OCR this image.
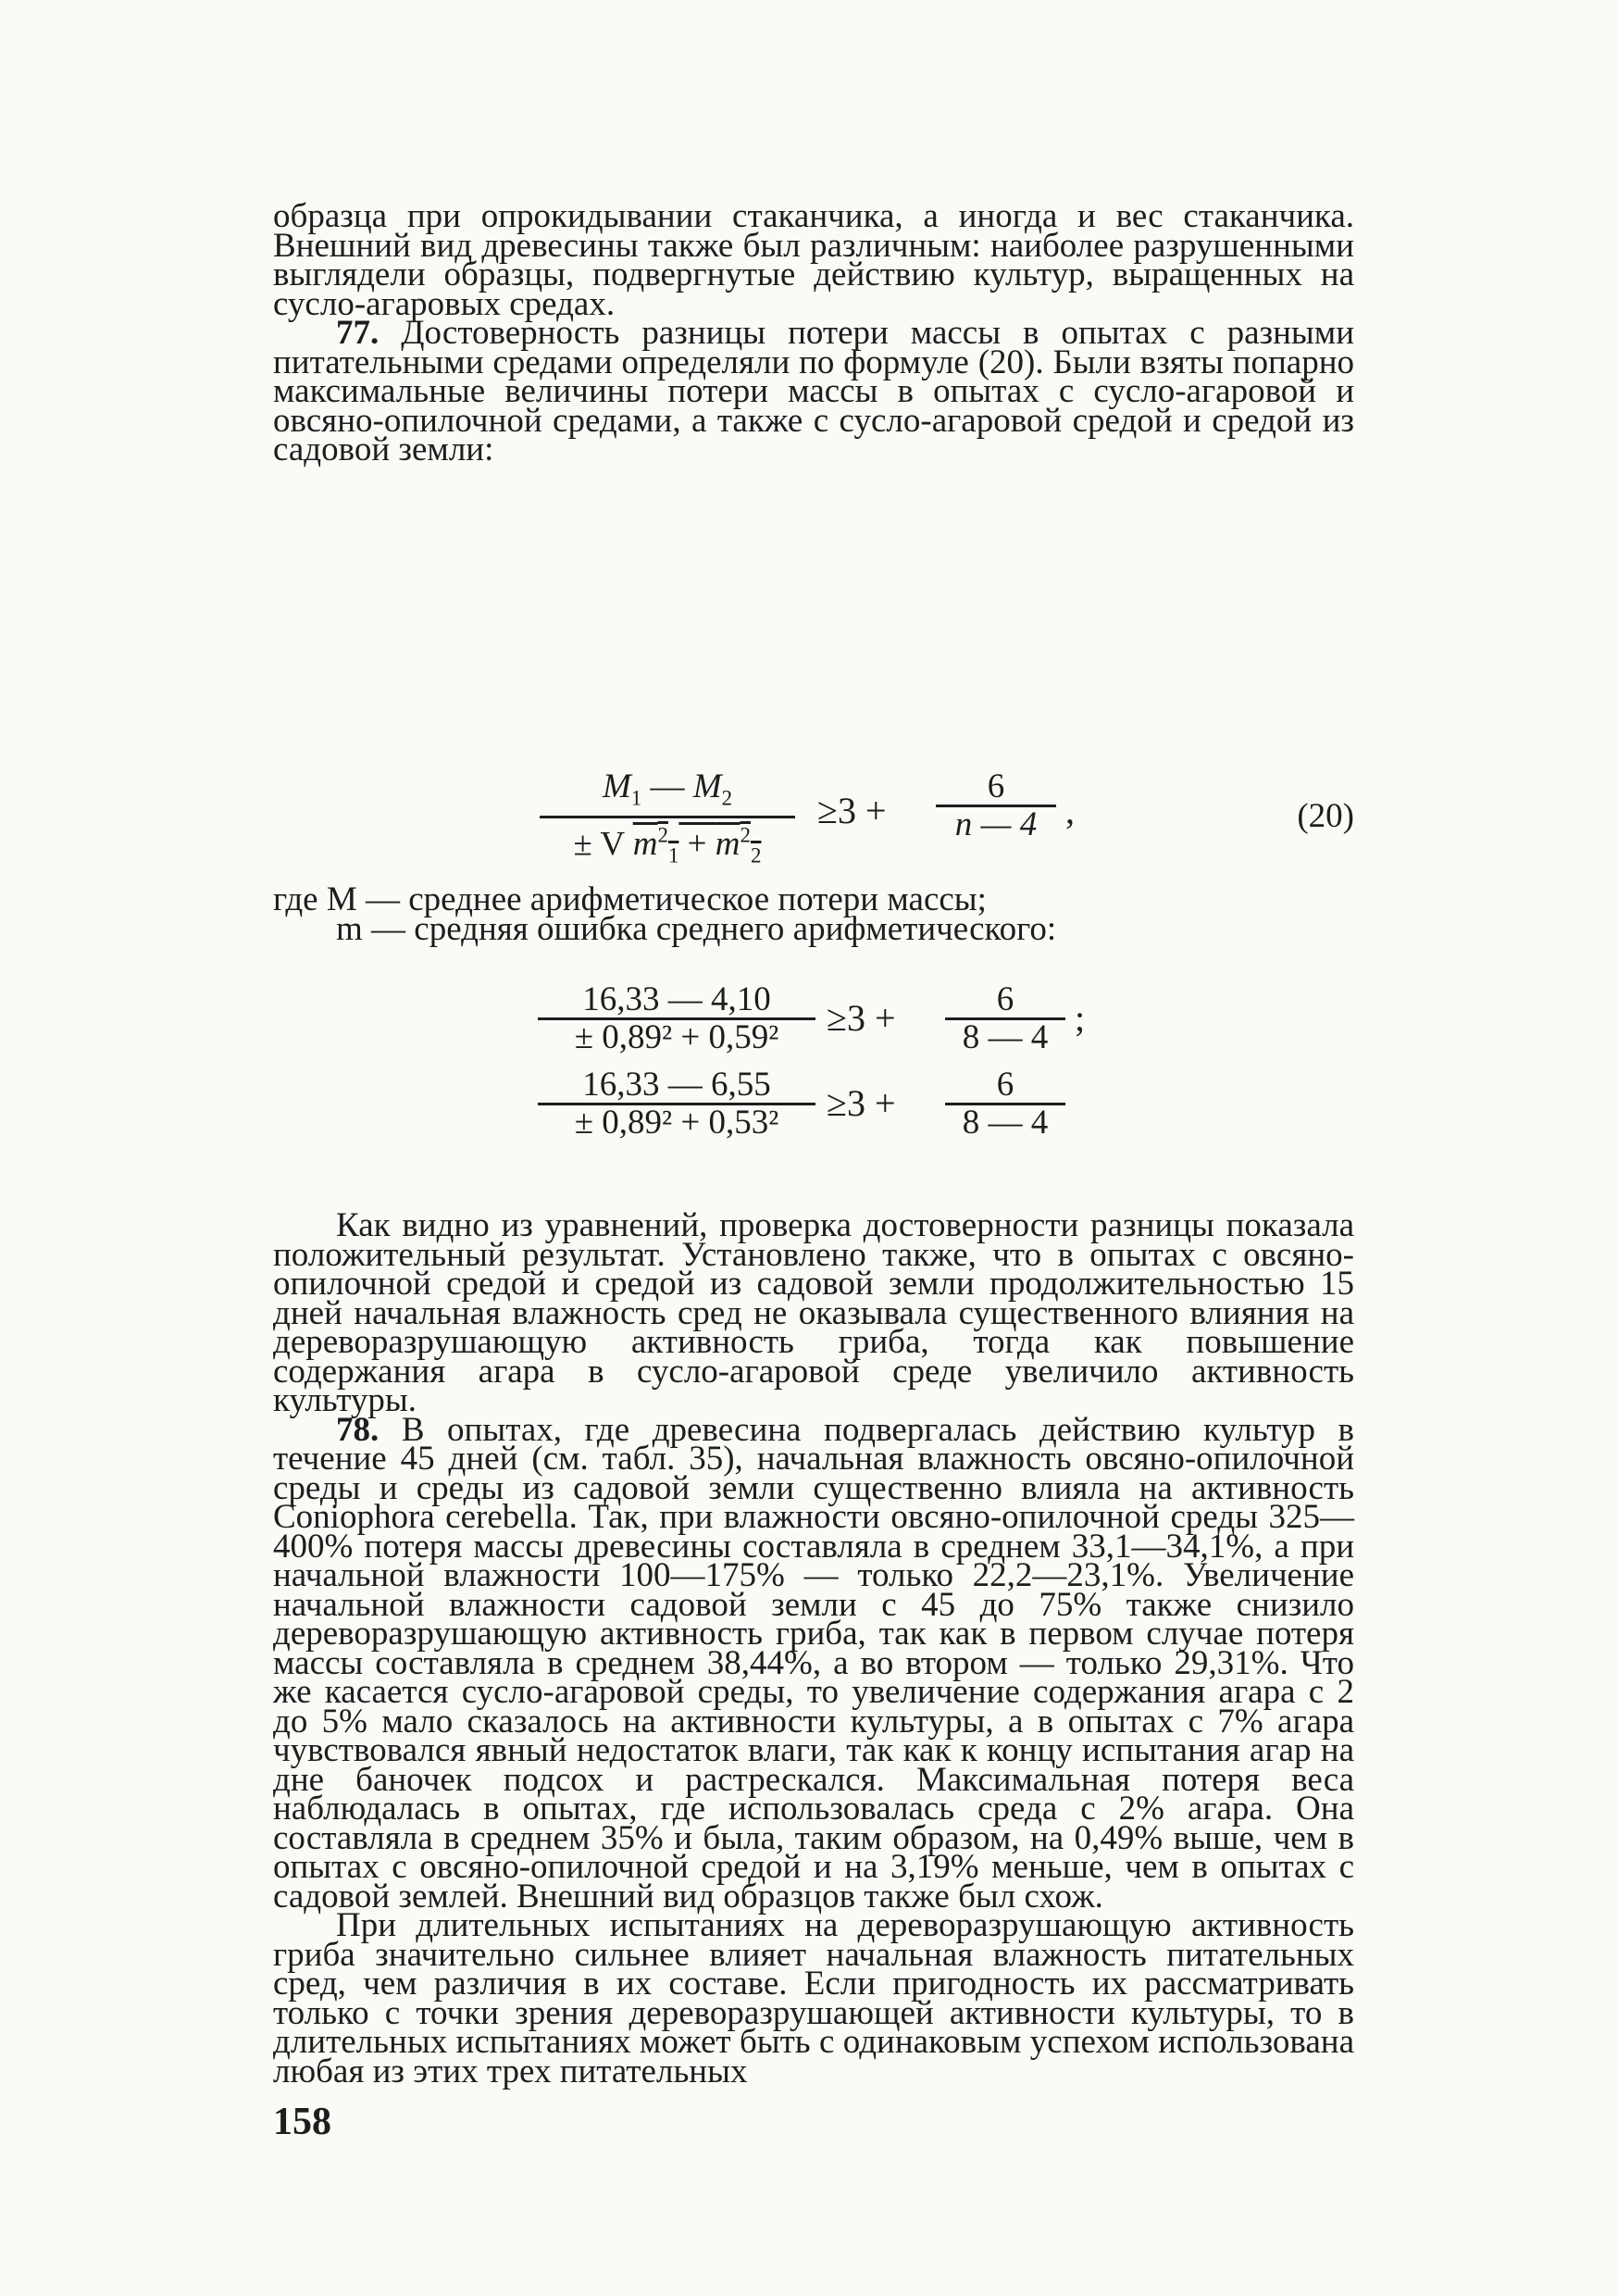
образца при опрокидывании стаканчика, а иногда и вес стаканчика. Внешний вид древесины также был различным: наиболее разрушенными выглядели образцы, подвергнутые действию культур, выращенных на сусло-агаровых средах.

77. Достоверность разницы потери массы в опытах с разными питательными средами определяли по формуле (20). Были взяты попарно максимальные величины потери массы в опытах с сусло-агаровой и овсяно-опилочной средами, а также с сусло-агаровой средой и средой из садовой земли:

$M_1$ — $M_2$
± V $m^2_1 + m^2_2$
≥3 +
6
n — 4 ,	(20)
где M — среднее арифметическое потери массы;
m — средняя ошибка среднего арифметического:
16,33 — 4,10
± 0,89² + 0,59²	≥3 +	6
8 — 4 ;
16,33 — 6,55
± 0,89² + 0,53²	≥3 +	6
8 — 4

Как видно из уравнений, проверка достоверности разницы показала положительный результат. Установлено также, что в опытах с овсяно-опилочной средой и средой из садовой земли продолжительностью 15 дней начальная влажность сред не оказывала существенного влияния на дереворазрушающую активность гриба, тогда как повышение содержания агара в сусло-агаровой среде увеличило активность культуры.

78. В опытах, где древесина подвергалась действию культур в течение 45 дней (см. табл. 35), начальная влажность овсяно-опилочной среды и среды из садовой земли существенно влияла на активность Coniophora cerebella. Так, при влажности овсяно-опилочной среды 325—400% потеря массы древесины составляла в среднем 33,1—34,1%, а при начальной влажности 100—175% — только 22,2—23,1%. Увеличение начальной влажности садовой земли с 45 до 75% также снизило дереворазрушающую активность гриба, так как в первом случае потеря массы составляла в среднем 38,44%, а во втором — только 29,31%. Что же касается сусло-агаровой среды, то увеличение содержания агара с 2 до 5% мало сказалось на активности культуры, а в опытах с 7% агара чувствовался явный недостаток влаги, так как к концу испытания агар на дне баночек подсох и растрескался. Максимальная потеря веса наблюдалась в опытах, где использовалась среда с 2% агара. Она составляла в среднем 35% и была, таким образом, на 0,49% выше, чем в опытах с овсяно-опилочной средой и на 3,19% меньше, чем в опытах с садовой землей. Внешний вид образцов также был схож.

При длительных испытаниях на дереворазрушающую активность гриба значительно сильнее влияет начальная влажность питательных сред, чем различия в их составе. Если пригодность их рассматривать только с точки зрения дереворазрушающей активности культуры, то в длительных испытаниях может быть с одинаковым успехом использована любая из этих трех питательных

158
